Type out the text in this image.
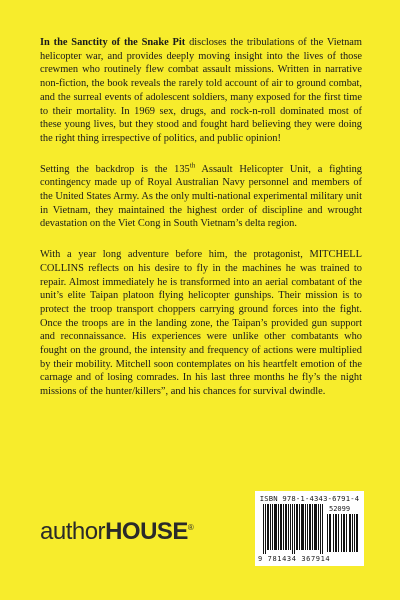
In the Sanctity of the Snake Pit discloses the tribulations of the Vietnam helicopter war, and provides deeply moving insight into the lives of those crewmen who routinely flew combat assault missions. Written in narrative non-fiction, the book reveals the rarely told account of air to ground combat, and the surreal events of adolescent soldiers, many exposed for the first time to their mortality. In 1969 sex, drugs, and rock-n-roll dominated most of these young lives, but they stood and fought hard believing they were doing the right thing irrespective of politics, and public opinion!

Setting the backdrop is the 135th Assault Helicopter Unit, a fighting contingency made up of Royal Australian Navy personnel and members of the United States Army. As the only multi-national experimental military unit in Vietnam, they maintained the highest order of discipline and wrought devastation on the Viet Cong in South Vietnam’s delta region.

With a year long adventure before him, the protagonist, MITCHELL COLLINS reflects on his desire to fly in the machines he was trained to repair. Almost immediately he is transformed into an aerial combatant of the unit’s elite Taipan platoon flying helicopter gunships. Their mission is to protect the troop transport choppers carrying ground forces into the fight. Once the troops are in the landing zone, the Taipan’s provided gun support and reconnaissance. His experiences were unlike other combatants who fought on the ground, the intensity and frequency of actions were multiplied by their mobility. Mitchell soon contemplates on his heartfelt emotion of the carnage and of losing comrades. In his last three months he fly’s the night missions of the hunter/killers”, and his chances for survival dwindle.

authorHOUSE®
ISBN 978-1-4343-6791-4
52099
9 781434 367914
